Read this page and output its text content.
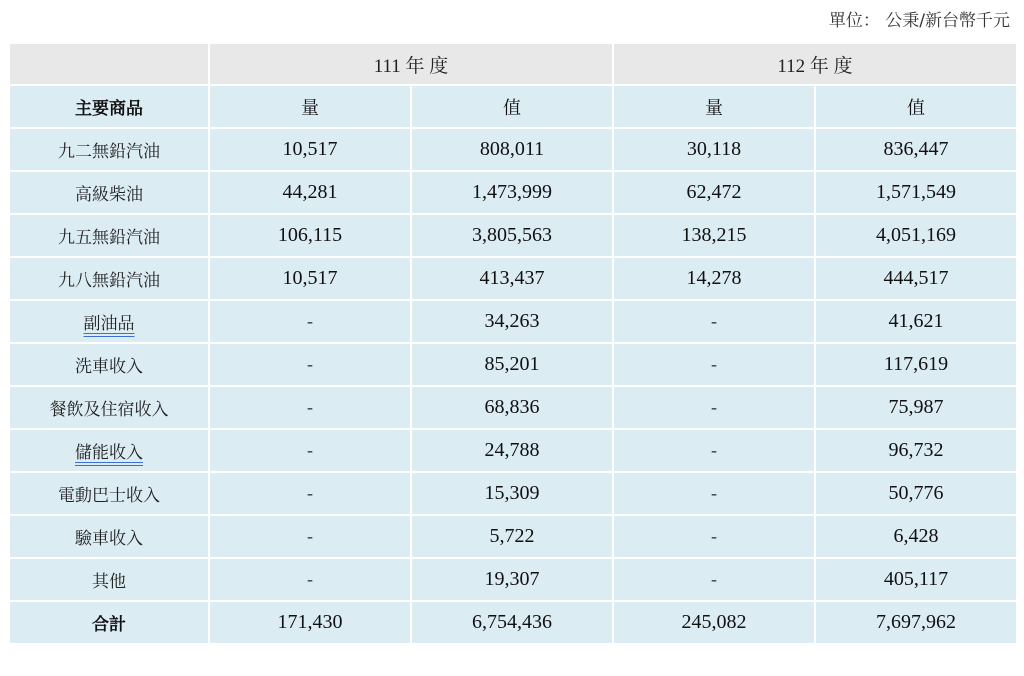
單位： 公秉/新台幣千元
	111 年 度		112 年 度	
主要商品	量	值	量	值
九二無鉛汽油	10,517	808,011	30,118	836,447
高級柴油	44,281	1,473,999	62,472	1,571,549
九五無鉛汽油	106,115	3,805,563	138,215	4,051,169
九八無鉛汽油	10,517	413,437	14,278	444,517
副油品	-	34,263	-	41,621
洗車收入	-	85,201	-	117,619
餐飲及住宿收入	-	68,836	-	75,987
儲能收入	-	24,788	-	96,732
電動巴士收入	-	15,309	-	50,776
驗車收入	-	5,722	-	6,428
其他	-	19,307	-	405,117
合計	171,430	6,754,436	245,082	7,697,962
